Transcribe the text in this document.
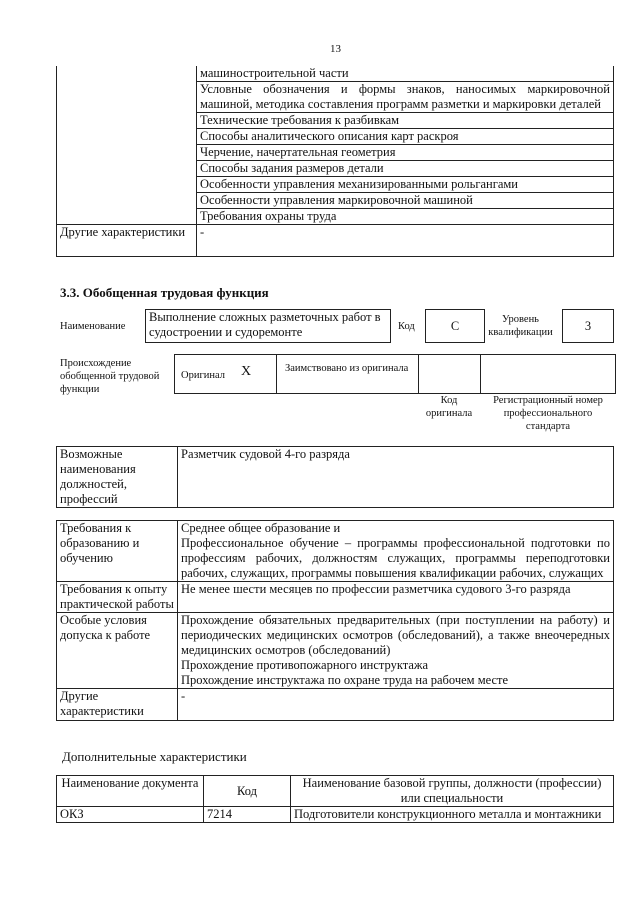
13
	машиностроительной части
	Условные обозначения и формы знаков, наносимых маркировочной машиной, методика составления программ разметки и маркировки деталей
	Технические требования к разбивкам
	Способы аналитического описания карт раскроя
	Черчение, начертательная геометрия
	Способы задания размеров детали
	Особенности управления механизированными рольгангами
	Особенности управления маркировочной машиной
	Требования охраны труда
Другие характеристики	-
3.3. Обобщенная трудовая функция
Наименование
Выполнение сложных разметочных работ в судостроении и судоремонте	Код	C	Уровень квалификации	3
Происхождение обобщенной трудовой функции
Оригинал X	Заимствовано из оригинала
Код оригинала
Регистрационный номер профессионального стандарта
Возможные наименования должностей, профессий	Разметчик судовой 4-го разряда
Требования к образованию и обучению	Среднее общее образование и
Профессиональное обучение – программы профессиональной подготовки по профессиям рабочих, должностям служащих, программы переподготовки рабочих, служащих, программы повышения квалификации рабочих, служащих

Требования к опыту практической работы	Не менее шести месяцев по профессии разметчика судового 3-го разряда
Особые условия допуска к работе	Прохождение обязательных предварительных (при поступлении на работу) и периодических медицинских осмотров (обследований), а также внеочередных медицинских осмотров (обследований)
Прохождение противопожарного инструктажа
Прохождение инструктажа по охране труда на рабочем месте

Другие характеристики	-
Дополнительные характеристики
Наименование документа	Код	Наименование базовой группы, должности (профессии) или специальности
ОКЗ	7214	Подготовители конструкционного металла и монтажники
